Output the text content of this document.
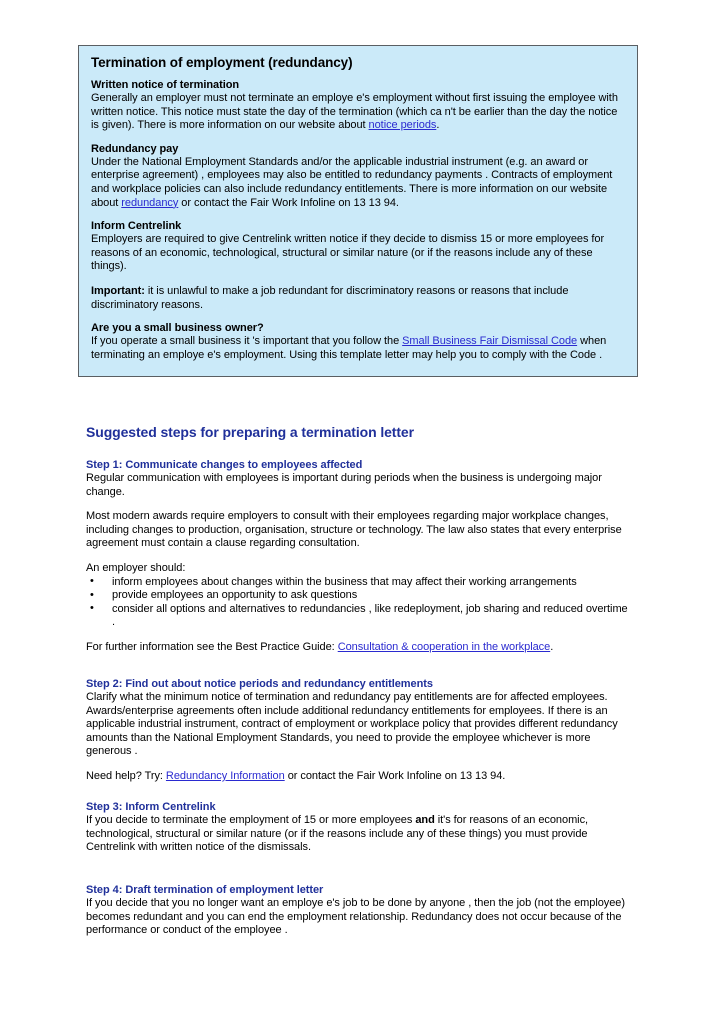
Termination of employment (redundancy)
Written notice of termination
Generally an employer must not terminate an employe e's employment without first issuing the employee with written notice. This notice must state the day of the termination (which ca n't be earlier than the day the notice is given). There is more information on our website about notice periods.
Redundancy pay
Under the National Employment Standards and/or the applicable industrial instrument (e.g. an award or enterprise agreement) , employees may also be entitled to redundancy payments . Contracts of employment and workplace policies can also include redundancy entitlements. There is more information on our website about redundancy or contact the Fair Work Infoline on 13 13 94.
Inform Centrelink
Employers are required to give Centrelink written notice if they decide to dismiss 15 or more employees for reasons of an economic, technological, structural or similar nature (or if the reasons include any of these things).
Important: it is unlawful to make a job redundant for discriminatory reasons or reasons that include discriminatory reasons.
Are you a small business owner?
If you operate a small business it 's important that you follow the Small Business Fair Dismissal Code when terminating an employe e's employment. Using this template letter may help you to comply with the Code .
Suggested steps for preparing a termination letter
Step 1: Communicate changes to employees affected
Regular communication with employees is important during periods when the business is undergoing major change.
Most modern awards require employers to consult with their employees regarding major workplace changes, including changes to production, organisation, structure or technology. The law also states that every enterprise agreement must contain a clause regarding consultation.
An employer should:
• inform employees about changes within the business that may affect their working arrangements
• provide employees an opportunity to ask questions
• consider all options and alternatives to redundancies , like redeployment, job sharing and reduced overtime .
For further information see the Best Practice Guide: Consultation & cooperation in the workplace.
Step 2: Find out about notice periods and redundancy entitlements
Clarify what the minimum notice of termination and redundancy pay entitlements are for affected employees. Awards/enterprise agreements often include additional redundancy entitlements for employees. If there is an applicable industrial instrument, contract of employment or workplace policy that provides different redundancy amounts than the National Employment Standards, you need to provide the employee whichever is more generous .
Need help? Try: Redundancy Information or contact the Fair Work Infoline on 13 13 94.
Step 3: Inform Centrelink
If you decide to terminate the employment of 15 or more employees and it's for reasons of an economic, technological, structural or similar nature (or if the reasons include any of these things) you must provide Centrelink with written notice of the dismissals.
Step 4: Draft termination of employment letter
If you decide that you no longer want an employe e's job to be done by anyone , then the job (not the employee) becomes redundant and you can end the employment relationship. Redundancy does not occur because of the performance or conduct of the employee .
